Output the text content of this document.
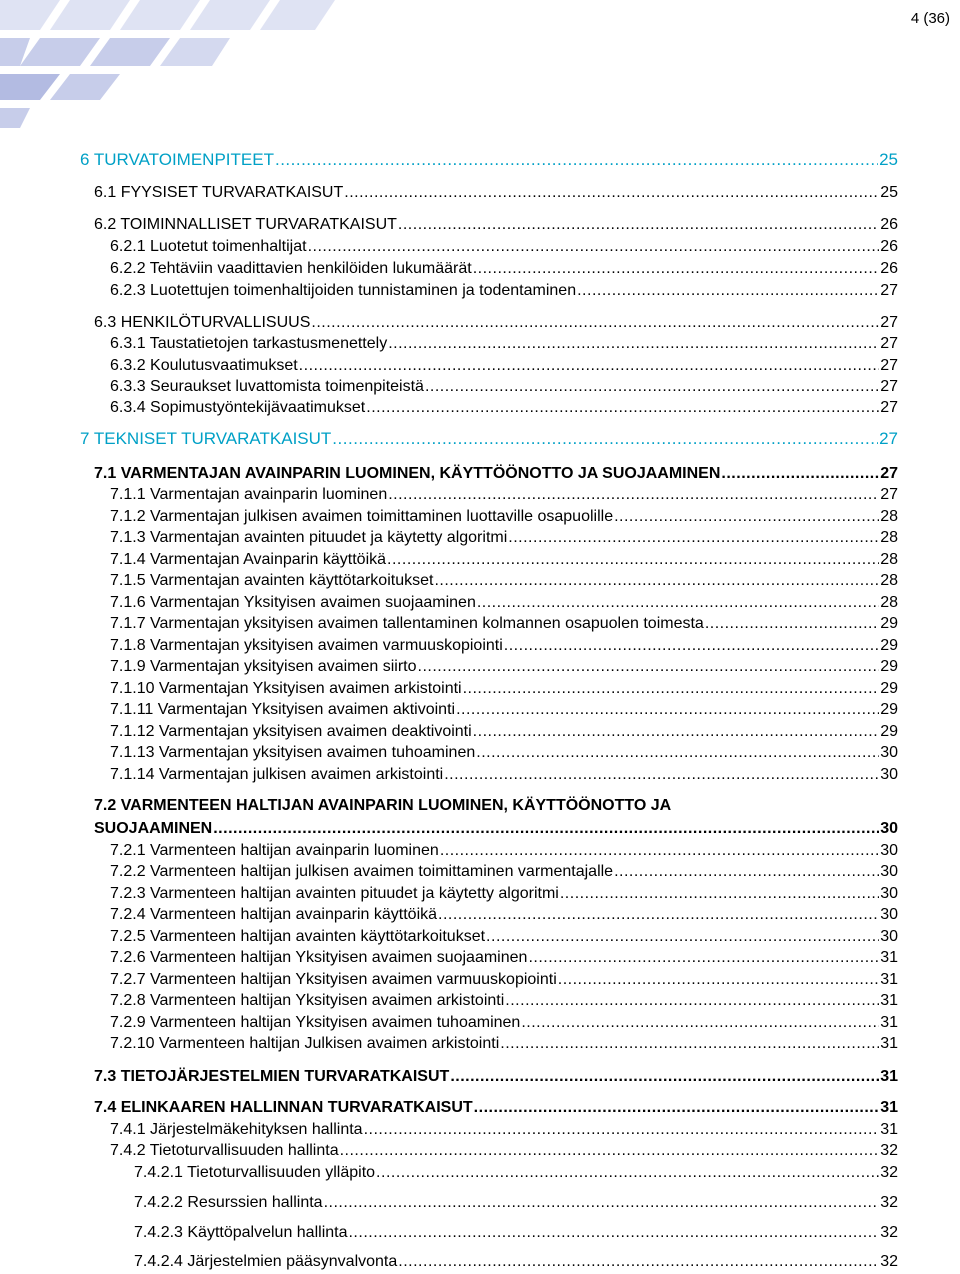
4 (36)
6 TURVATOIMENPITEET .....	25
6.1 FYYSISET TURVARATKAISUT .....	25
6.2 TOIMINNALLISET TURVARATKAISUT .....	26
6.2.1 Luotetut toimenhaltijat .....	26
6.2.2 Tehtäviin vaadittavien henkilöiden lukumäärät .....	26
6.2.3 Luotettujen toimenhaltijoiden tunnistaminen ja todentaminen .....	27
6.3 HENKILÖTURVALLISUUS .....	27
6.3.1 Taustatietojen tarkastusmenettely .....	27
6.3.2 Koulutusvaatimukset .....	27
6.3.3 Seuraukset luvattomista toimenpiteistä .....	27
6.3.4 Sopimustyöntekijävaatimukset .....	27
7 TEKNISET TURVARATKAISUT .....	27
7.1 VARMENTAJAN AVAINPARIN LUOMINEN, KÄYTTÖÖNOTTO JA SUOJAAMINEN .....	27
7.1.1 Varmentajan avainparin luominen .....	27
7.1.2 Varmentajan julkisen avaimen toimittaminen luottaville osapuolille .....	28
7.1.3 Varmentajan avainten pituudet ja käytetty algoritmi .....	28
7.1.4 Varmentajan Avainparin käyttöikä .....	28
7.1.5 Varmentajan avainten käyttötarkoitukset .....	28
7.1.6 Varmentajan Yksityisen avaimen suojaaminen .....	28
7.1.7 Varmentajan yksityisen avaimen tallentaminen kolmannen osapuolen toimesta .....	29
7.1.8 Varmentajan yksityisen avaimen varmuuskopiointi .....	29
7.1.9 Varmentajan yksityisen avaimen siirto .....	29
7.1.10 Varmentajan Yksityisen avaimen arkistointi .....	29
7.1.11 Varmentajan Yksityisen avaimen aktivointi .....	29
7.1.12 Varmentajan yksityisen avaimen deaktivointi .....	29
7.1.13 Varmentajan yksityisen avaimen tuhoaminen .....	30
7.1.14 Varmentajan julkisen avaimen arkistointi .....	30
7.2 VARMENTEEN HALTIJAN AVAINPARIN LUOMINEN, KÄYTTÖÖNOTTO JA
SUOJAAMINEN .....	30
7.2.1 Varmenteen haltijan avainparin luominen .....	30
7.2.2 Varmenteen haltijan julkisen avaimen toimittaminen varmentajalle .....	30
7.2.3 Varmenteen haltijan avainten pituudet ja käytetty algoritmi .....	30
7.2.4 Varmenteen haltijan avainparin käyttöikä .....	30
7.2.5 Varmenteen haltijan avainten käyttötarkoitukset .....	30
7.2.6 Varmenteen haltijan Yksityisen avaimen suojaaminen .....	31
7.2.7 Varmenteen haltijan Yksityisen avaimen varmuuskopiointi .....	31
7.2.8 Varmenteen haltijan Yksityisen avaimen arkistointi .....	31
7.2.9 Varmenteen haltijan Yksityisen avaimen tuhoaminen .....	31
7.2.10 Varmenteen haltijan Julkisen avaimen arkistointi .....	31
7.3 TIETOJÄRJESTELMIEN TURVARATKAISUT .....	31
7.4 ELINKAAREN HALLINNAN TURVARATKAISUT .....	31
7.4.1 Järjestelmäkehityksen hallinta .....	31
7.4.2 Tietoturvallisuuden hallinta .....	32
7.4.2.1 Tietoturvallisuuden ylläpito .....	32
7.4.2.2 Resurssien hallinta .....	32
7.4.2.3 Käyttöpalvelun hallinta .....	32
7.4.2.4 Järjestelmien pääsynvalvonta .....	32
